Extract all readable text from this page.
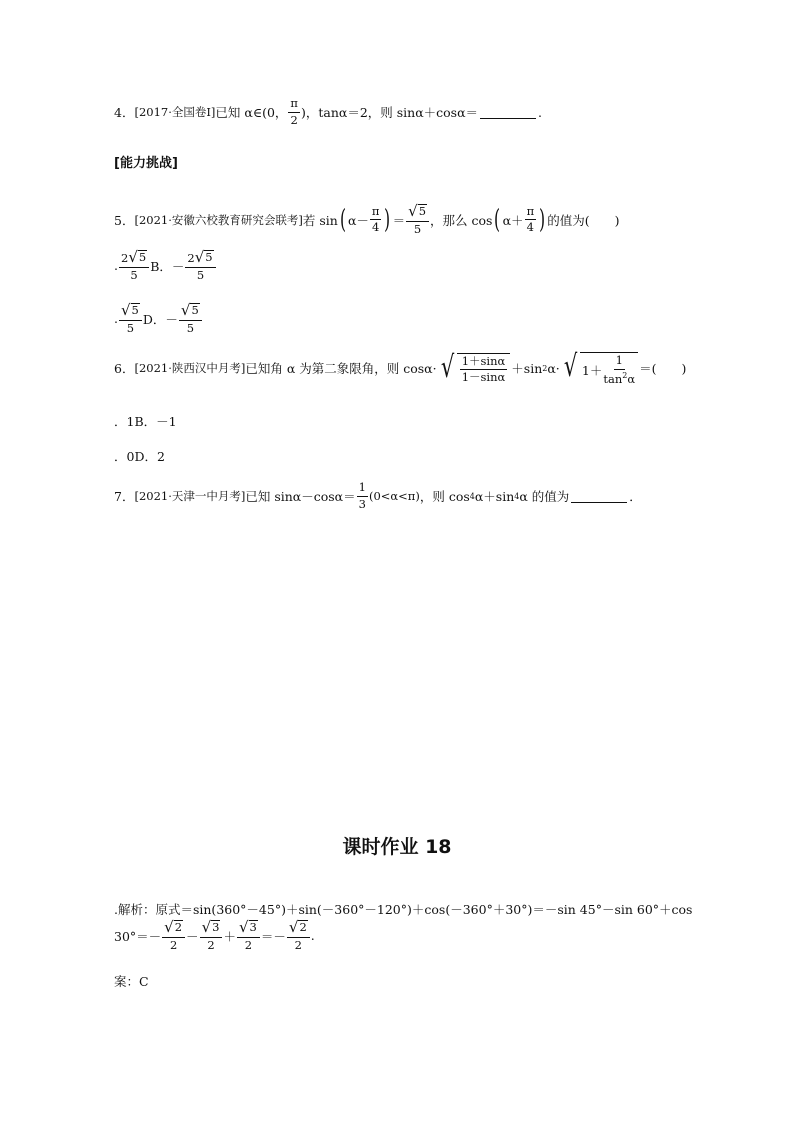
4． [2017·全国卷Ⅰ] 已知 α∈(0， $\frac{\pi}{2}$ )，tanα＝2，则 sinα＋cosα＝	.
[能力挑战]
5． [2021·安徽六校教育研究会联考] 若 sin ( $\alpha- \frac{\pi}{4}$ ) ＝ $\frac{√ 5}{5}$ ，那么 cos ( $\alpha+ \frac{\pi}{4}$ ) 的值为(　　)
. $\frac{2 √ 5}{5}$ B．－ $\frac{2 √ 5}{5}$
. $\frac{√ 5}{5}$ D．－ $\frac{√ 5}{5}$
6． [2021·陕西汉中月考] 已知角 α 为第二象限角，则 cosα· √ $\frac{1+\sin\alpha}{1-\sin\alpha} +\sin$ 2 α· √ $1+ \frac{1}{\tan^2\alpha}$ ＝(　　)
．1B．－1
．0D．2
7． [2021·天津一中月考] 已知 $\sin\alpha-\cos\alpha= \frac{1}{3} (0<\alpha<\pi)$ ，则 cos 4 α＋sin 4 α 的值为	．
课时作业 18
.解析：原式＝sin(360°－45°)＋sin(－360°－120°)＋cos(－360°＋30°)＝－sin 45°－sin 60°＋cos
$30^\circ=- \frac{√ 2}{2} - \frac{√ 3}{2} + \frac{√ 3}{2} =- \frac{√ 2}{2}$ .
案：C
